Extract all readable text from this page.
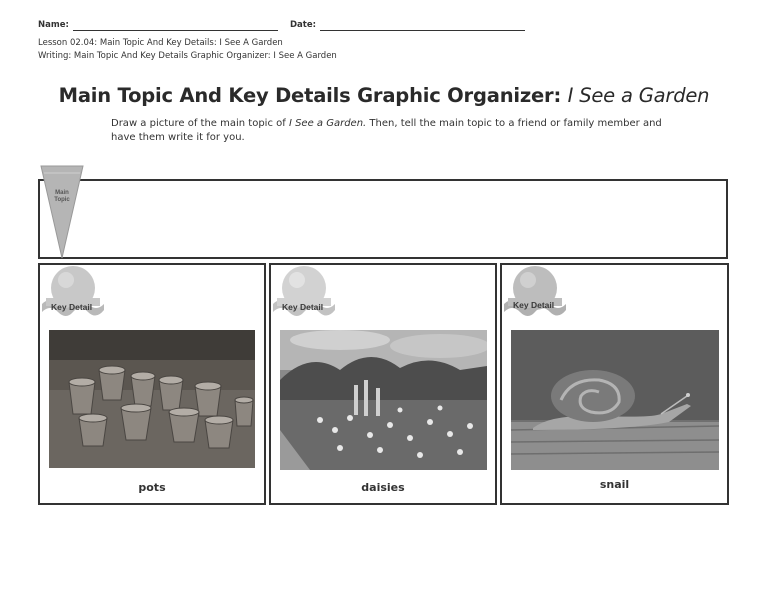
Name:	Date:
Lesson 02.04: Main Topic And Key Details: I See A Garden
Writing: Main Topic And Key Details Graphic Organizer: I See A Garden
Main Topic And Key Details Graphic Organizer: I See a Garden
Draw a picture of the main topic of I See a Garden. Then, tell the main topic to a friend or family member and have them write it for you.
Main
Topic
Key Detail
pots
Key Detail
daisies
Key Detail
snail
